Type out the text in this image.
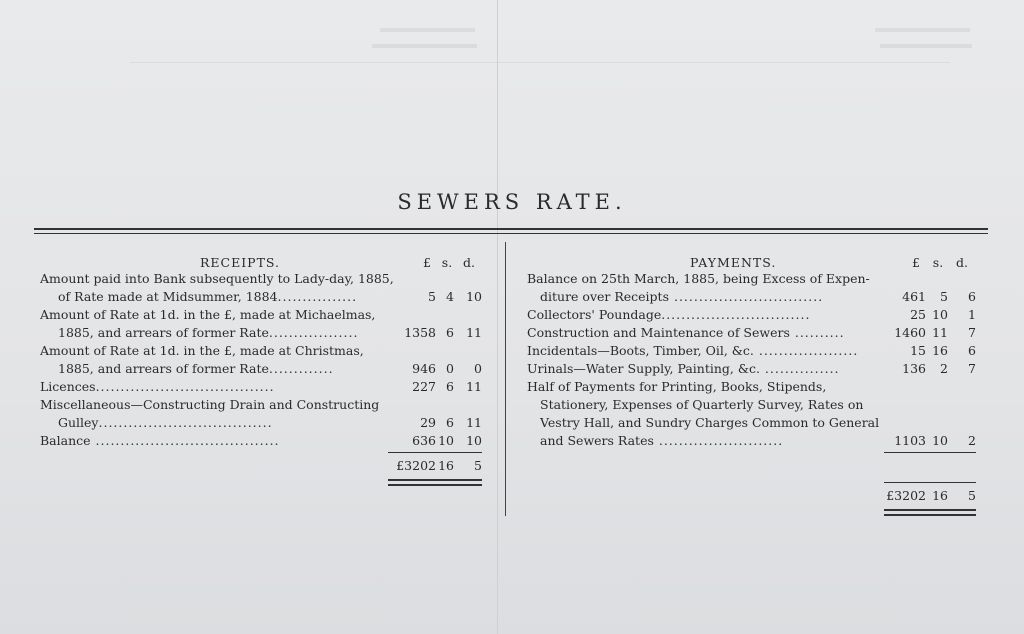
SEWERS RATE.
RECEIPTS.	£ s. d.
Amount paid into Bank subsequently to Lady-day, 1885,
of Rate made at Midsummer, 1884................	5 4 10
Amount of Rate at 1d. in the £, made at Michaelmas,
1885, and arrears of former Rate..................	1358 6 11
Amount of Rate at 1d. in the £, made at Christmas,
1885, and arrears of former Rate.............	946 0	0
Licences....................................	227 6 11
Miscellaneous—Constructing Drain and Constructing
Gulley...................................	29 6 11
Balance .....................................	636 10 10
£3202 16	5
PAYMENTS.	£	s.	d.
Balance on 25th March, 1885, being Excess of Expen-
diture over Receipts ..............................	461	5	6
Collectors' Poundage..............................	25 10	1
Construction and Maintenance of Sewers ..........	1460 11	7
Incidentals—Boots, Timber, Oil, &c. ....................	15 16	6
Urinals—Water Supply, Painting, &c. ...............	136	2	7
Half of Payments for Printing, Books, Stipends,
Stationery, Expenses of Quarterly Survey, Rates on
Vestry Hall, and Sundry Charges Common to General
and Sewers Rates .........................	1103 10	2
£3202 16	5
